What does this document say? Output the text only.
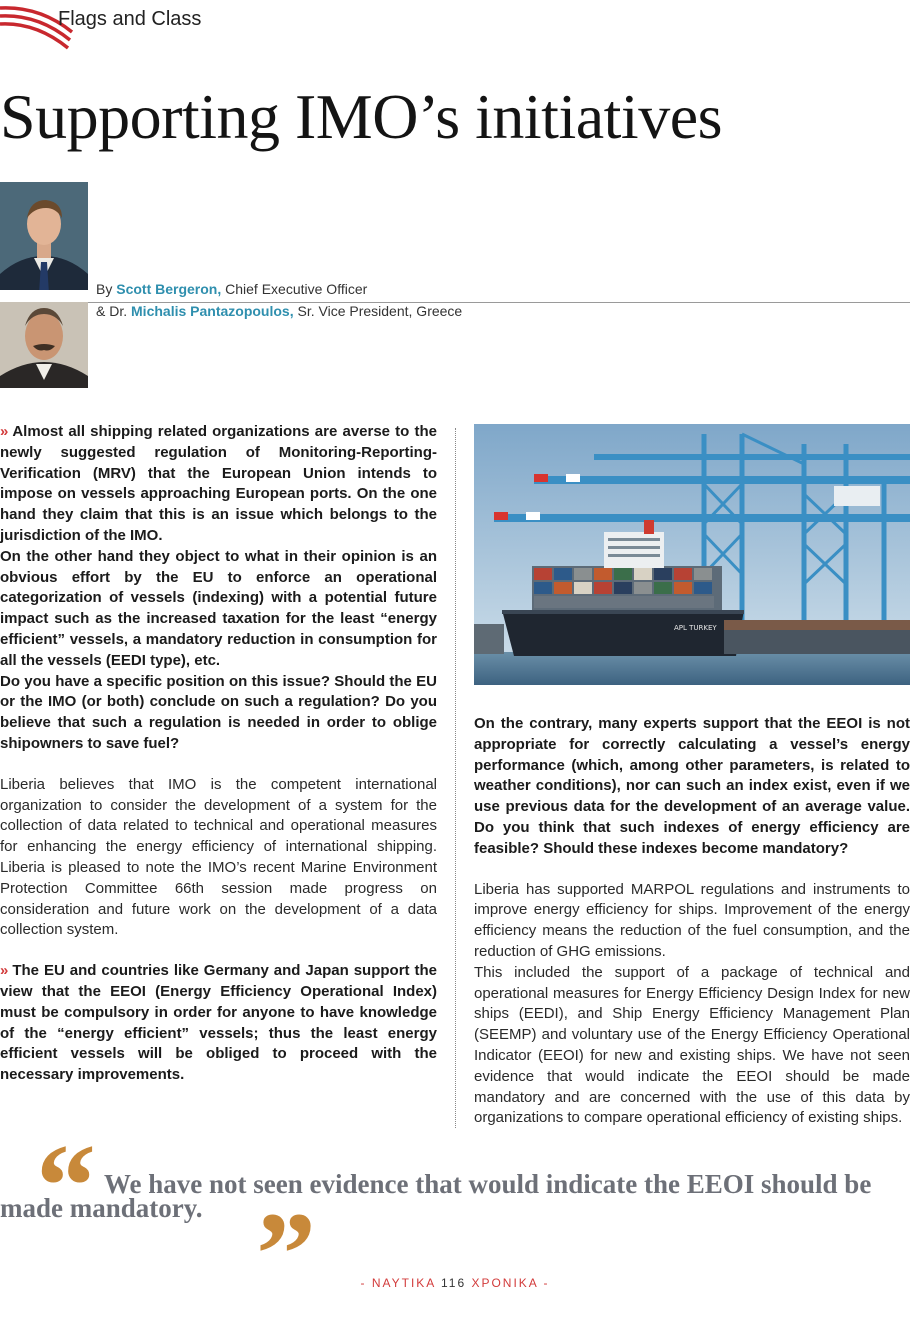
Flags and Class
Supporting IMO’s initiatives
By Scott Bergeron, Chief Executive Officer
& Dr. Michalis Pantazopoulos, Sr. Vice President, Greece

» Almost all shipping related organizations are averse to the newly suggested regulation of Monitoring-Reporting-Verification (MRV) that the European Union intends to impose on vessels approaching European ports. On the one hand they claim that this is an issue which belongs to the jurisdiction of the IMO.

On the other hand they object to what in their opinion is an obvious effort by the EU to enforce an operational categorization of vessels (indexing) with a potential future impact such as the increased taxation for the least “energy efficient” vessels, a mandatory reduction in consumption for all the vessels (EEDI type), etc.

Do you have a specific position on this issue? Should the EU or the IMO (or both) conclude on such a regulation? Do you believe that such a regulation is needed in order to oblige shipowners to save fuel?

Liberia believes that IMO is the competent international organization to consider the development of a system for the collection of data related to technical and operational measures for enhancing the energy efficiency of international shipping. Liberia is pleased to note the IMO’s recent Marine Environment Protection Committee 66th session made progress on consideration and future work on the development of a data collection system.

» The EU and countries like Germany and Japan support the view that the EEOI (Energy Efficiency Operational Index) must be compulsory in order for anyone to have knowledge of the “energy efficient” vessels; thus the least energy efficient vessels will be obliged to proceed with the necessary improvements.

APL TURKEY

On the contrary, many experts support that the EEOI is not appropriate for correctly calculating a vessel’s energy performance (which, among other parameters, is related to weather conditions), nor can such an index exist, even if we use previous data for the development of an average value. Do you think that such indexes of energy efficiency are feasible? Should these indexes become mandatory?

Liberia has supported MARPOL regulations and instruments to improve energy efficiency for ships. Improvement of the energy efficiency means the reduction of the fuel consumption, and the reduction of GHG emissions.

This included the support of a package of technical and operational measures for Energy Efficiency Design Index for new ships (EEDI), and Ship Energy Efficiency Management Plan (SEEMP) and voluntary use of the Energy Efficiency Operational Indicator (EEOI) for new and existing ships. We have not seen evidence that would indicate the EEOI should be made mandatory and are concerned with the use of this data by organizations to compare operational efficiency of existing ships.

“ We have not seen evidence that would indicate the EEOI should be made mandatory. ”	- NAYTIKA 116 XPONIKA -
